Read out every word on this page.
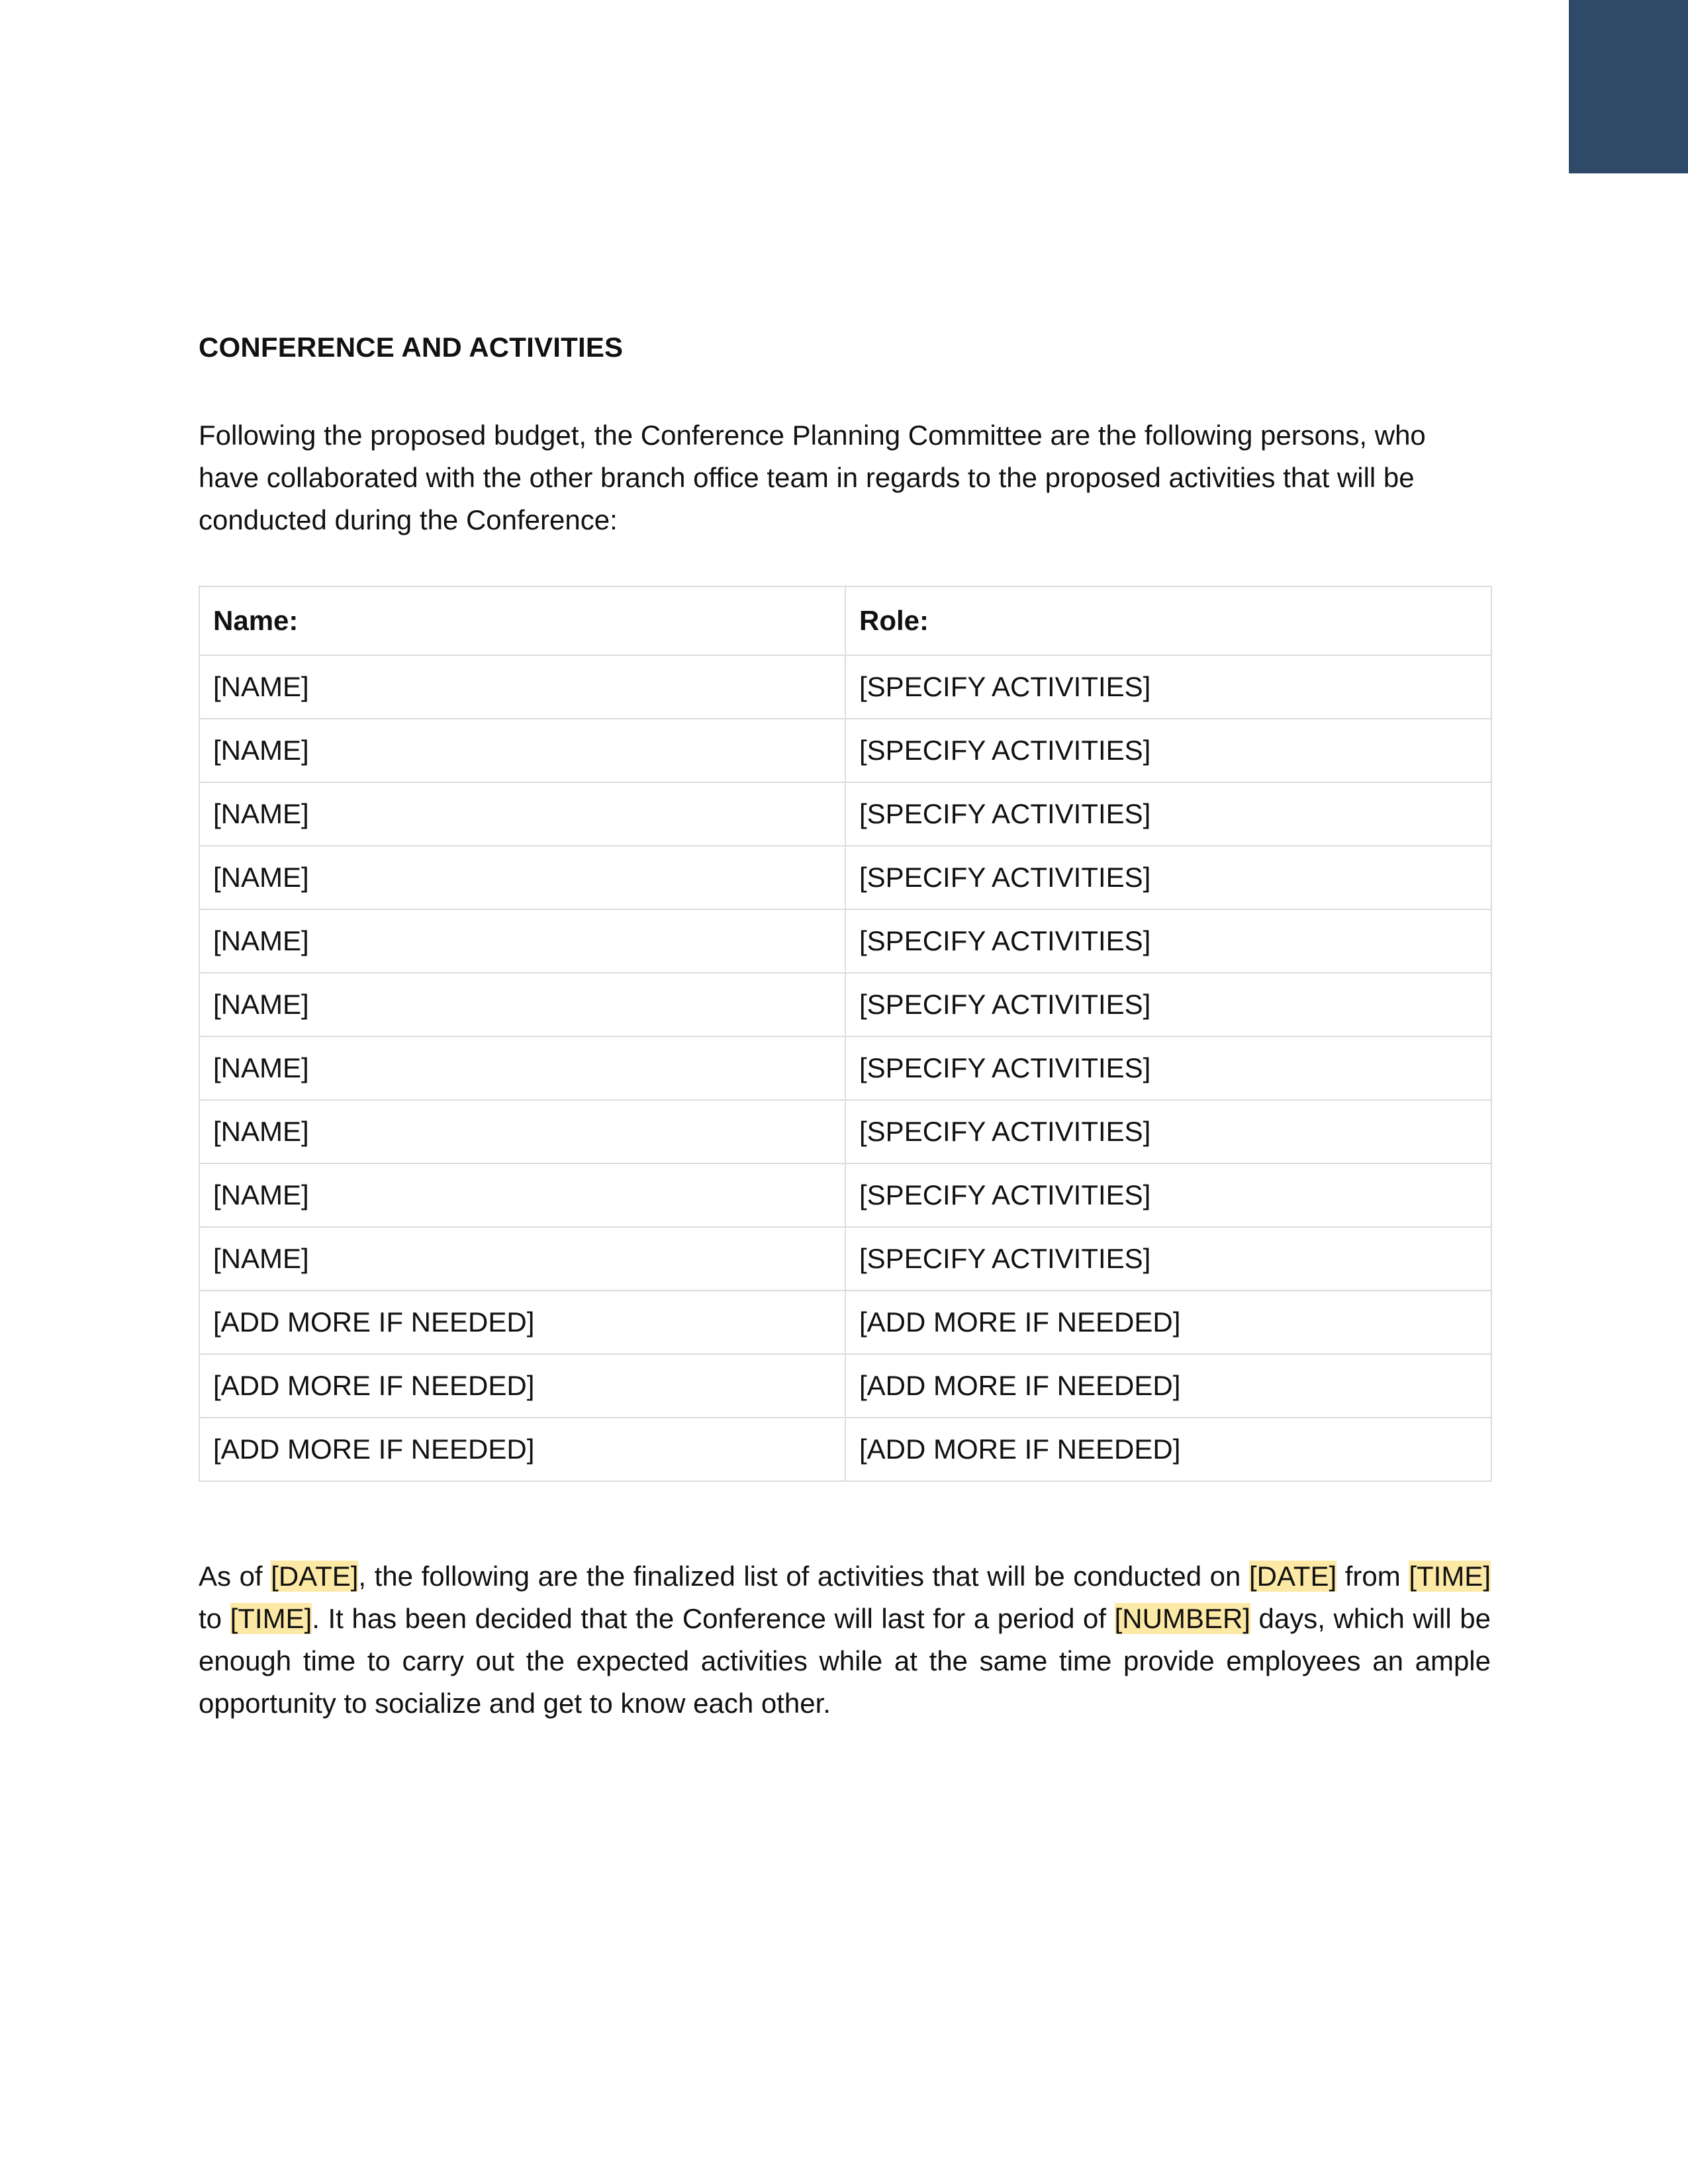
CONFERENCE AND ACTIVITIES

Following the proposed budget, the Conference Planning Committee are the following persons, who have collaborated with the other branch office team in regards to the proposed activities that will be conducted during the Conference:

Name:	Role:
[NAME]	[SPECIFY ACTIVITIES]
[NAME]	[SPECIFY ACTIVITIES]
[NAME]	[SPECIFY ACTIVITIES]
[NAME]	[SPECIFY ACTIVITIES]
[NAME]	[SPECIFY ACTIVITIES]
[NAME]	[SPECIFY ACTIVITIES]
[NAME]	[SPECIFY ACTIVITIES]
[NAME]	[SPECIFY ACTIVITIES]
[NAME]	[SPECIFY ACTIVITIES]
[NAME]	[SPECIFY ACTIVITIES]
[ADD MORE IF NEEDED]	[ADD MORE IF NEEDED]
[ADD MORE IF NEEDED]	[ADD MORE IF NEEDED]
[ADD MORE IF NEEDED]	[ADD MORE IF NEEDED]

As of [DATE], the following are the finalized list of activities that will be conducted on [DATE] from [TIME] to [TIME]. It has been decided that the Conference will last for a period of [NUMBER] days, which will be enough time to carry out the expected activities while at the same time provide employees an ample opportunity to socialize and get to know each other.
